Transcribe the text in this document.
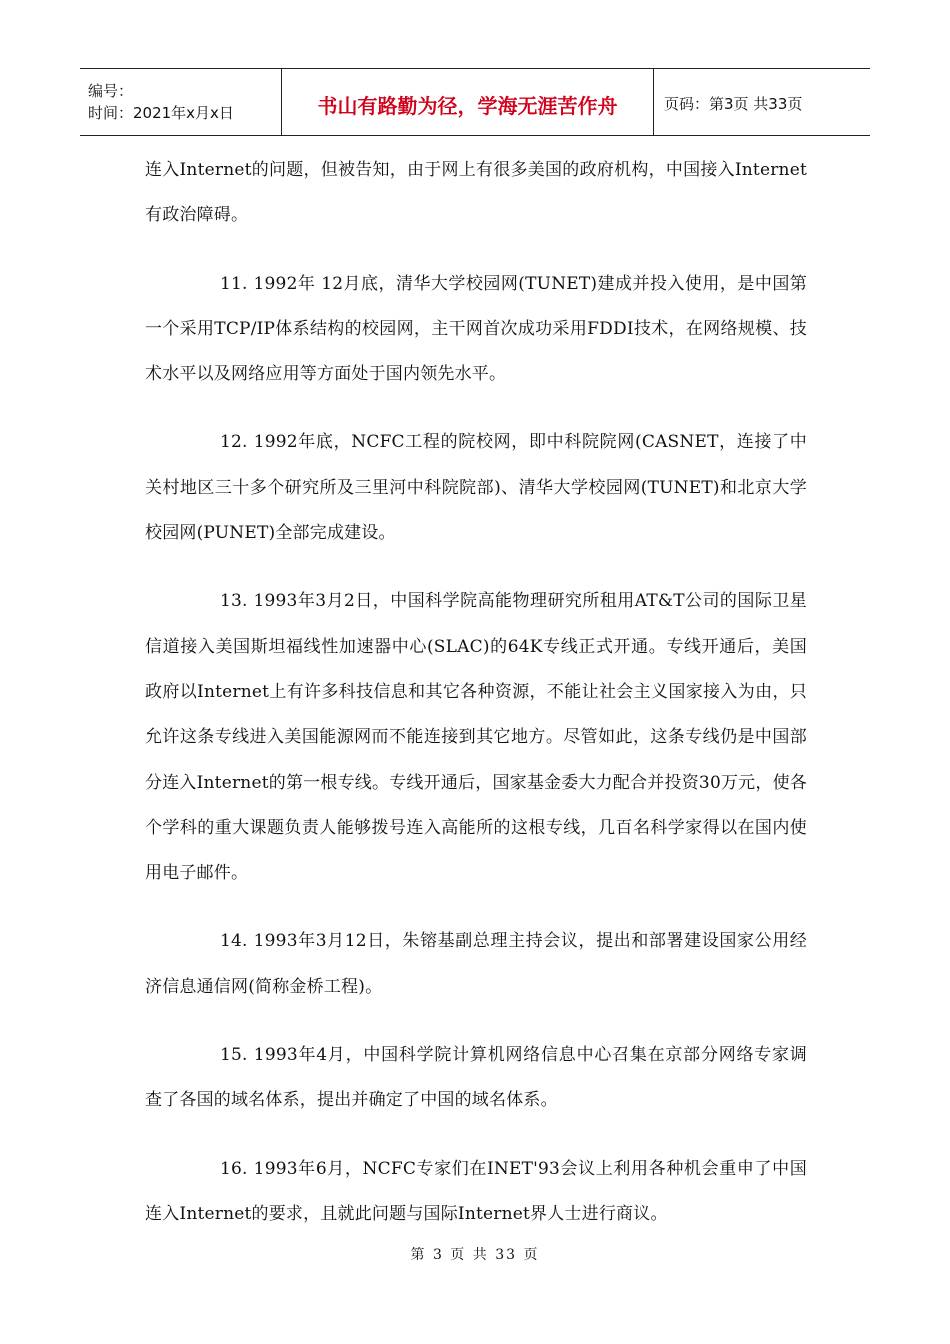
编号：
时间：2021年x月x日	书山有路勤为径，学海无涯苦作舟	页码：第3页 共33页

连入Internet的问题，但被告知，由于网上有很多美国的政府机构，中国接入Internet有政治障碍。

11. 1992年 12月底，清华大学校园网(TUNET)建成并投入使用，是中国第一个采用TCP/IP体系结构的校园网，主干网首次成功采用FDDI技术，在网络规模、技术水平以及网络应用等方面处于国内领先水平。

12. 1992年底，NCFC工程的院校网，即中科院院网(CASNET，连接了中关村地区三十多个研究所及三里河中科院院部)、清华大学校园网(TUNET)和北京大学校园网(PUNET)全部完成建设。

13. 1993年3月2日，中国科学院高能物理研究所租用AT&T公司的国际卫星信道接入美国斯坦福线性加速器中心(SLAC)的64K专线正式开通。专线开通后，美国政府以Internet上有许多科技信息和其它各种资源，不能让社会主义国家接入为由，只允许这条专线进入美国能源网而不能连接到其它地方。尽管如此，这条专线仍是中国部分连入Internet的第一根专线。专线开通后，国家基金委大力配合并投资30万元，使各个学科的重大课题负责人能够拨号连入高能所的这根专线，几百名科学家得以在国内使用电子邮件。

14. 1993年3月12日，朱镕基副总理主持会议，提出和部署建设国家公用经济信息通信网(简称金桥工程)。

15. 1993年4月，中国科学院计算机网络信息中心召集在京部分网络专家调查了各国的域名体系，提出并确定了中国的域名体系。

16. 1993年6月，NCFC专家们在INET'93会议上利用各种机会重申了中国连入Internet的要求，且就此问题与国际Internet界人士进行商议。

第 3 页 共 33 页
